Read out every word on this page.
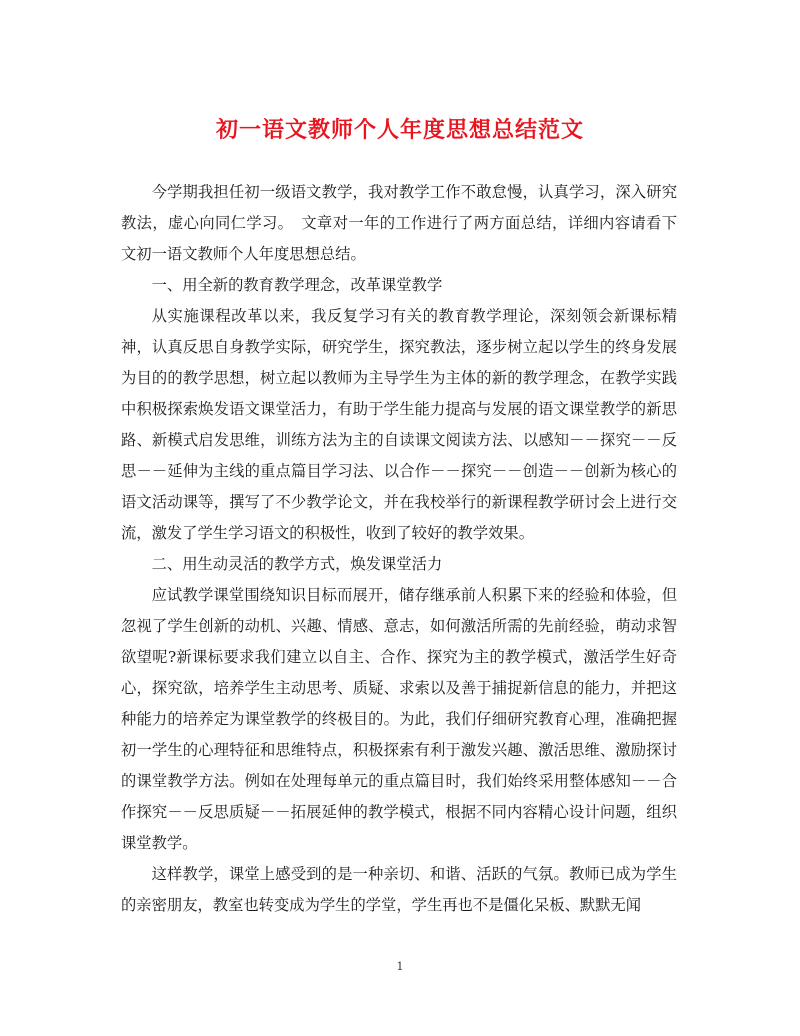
初一语文教师个人年度思想总结范文

今学期我担任初一级语文教学，我对教学工作不敢怠慢，认真学习，深入研究教法，虚心向同仁学习。　文章对一年的工作进行了两方面总结，详细内容请看下文初一语文教师个人年度思想总结。

一、用全新的教育教学理念，改革课堂教学

从实施课程改革以来，我反复学习有关的教育教学理论，深刻领会新课标精神，认真反思自身教学实际，研究学生，探究教法，逐步树立起以学生的终身发展为目的的教学思想，树立起以教师为主导学生为主体的新的教学理念，在教学实践中积极探索焕发语文课堂活力，有助于学生能力提高与发展的语文课堂教学的新思路、新模式启发思维，训练方法为主的自读课文阅读方法、以感知－－探究－－反思－－延伸为主线的重点篇目学习法、以合作－－探究－－创造－－创新为核心的语文活动课等，撰写了不少教学论文，并在我校举行的新课程教学研讨会上进行交流，激发了学生学习语文的积极性，收到了较好的教学效果。

二、用生动灵活的教学方式，焕发课堂活力

应试教学课堂围绕知识目标而展开，储存继承前人积累下来的经验和体验，但忽视了学生创新的动机、兴趣、情感、意志，如何激活所需的先前经验，萌动求智欲望呢?新课标要求我们建立以自主、合作、探究为主的教学模式，激活学生好奇心，探究欲，培养学生主动思考、质疑、求索以及善于捕捉新信息的能力，并把这种能力的培养定为课堂教学的终极目的。为此，我们仔细研究教育心理，准确把握初一学生的心理特征和思维特点，积极探索有利于激发兴趣、激活思维、激励探讨的课堂教学方法。例如在处理每单元的重点篇目时，我们始终采用整体感知－－合作探究－－反思质疑－－拓展延伸的教学模式，根据不同内容精心设计问题，组织课堂教学。

这样教学，课堂上感受到的是一种亲切、和谐、活跃的气氛。教师已成为学生的亲密朋友，教室也转变成为学生的学堂，学生再也不是僵化呆板、默默无闻

1
